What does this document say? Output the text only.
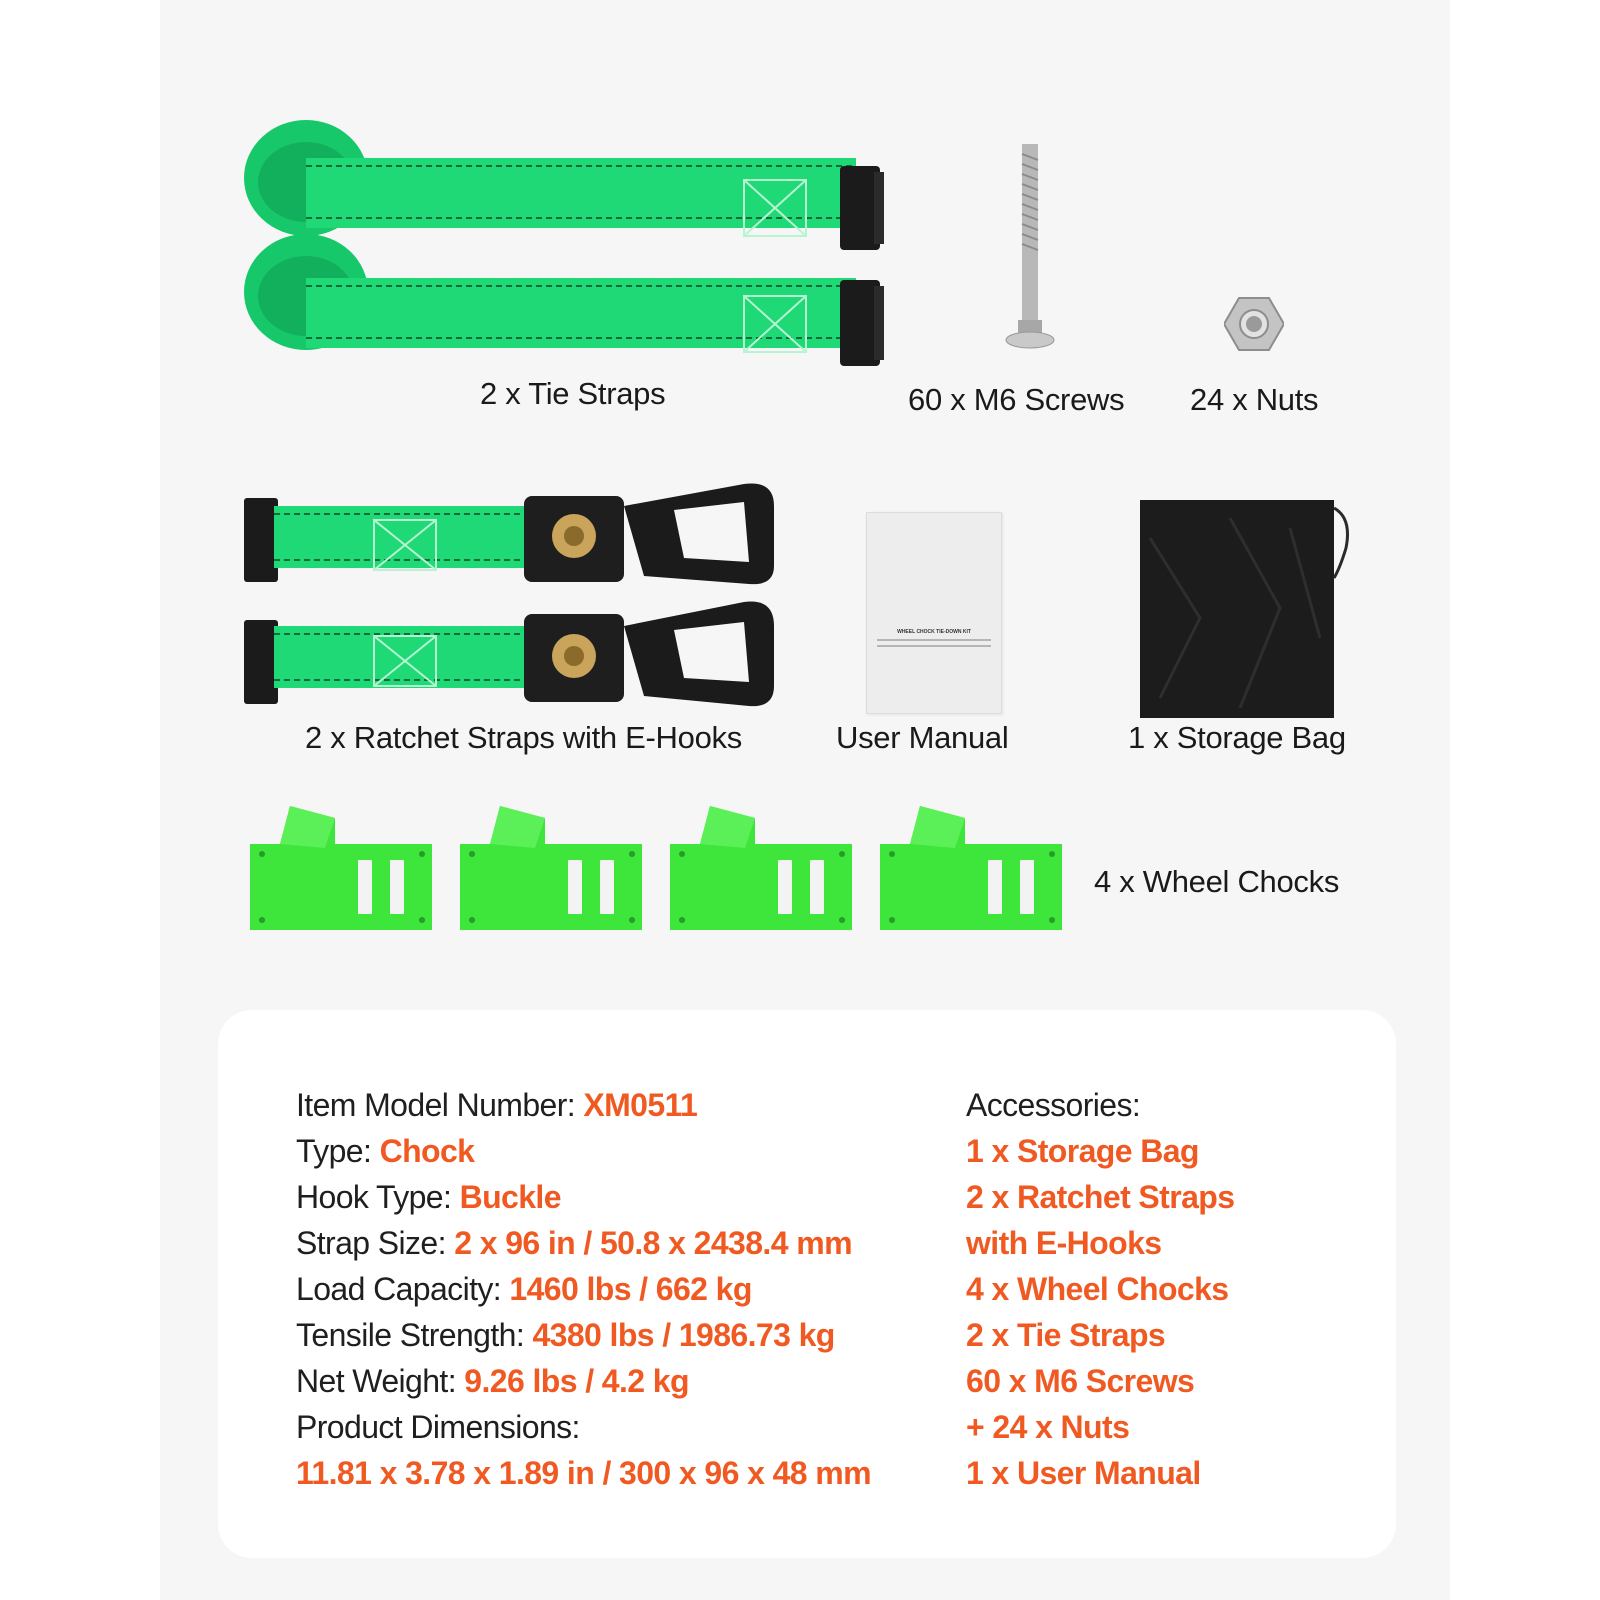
2 x Tie Straps	60 x M6 Screws 24 x Nuts
2 x Ratchet Straps with E-Hooks
WHEEL CHOCK TIE-DOWN KIT
User Manual	1 x Storage Bag
4 x Wheel Chocks
Item Model Number: XM0511
Type: Chock
Hook Type: Buckle
Strap Size: 2 x 96 in / 50.8 x 2438.4 mm
Load Capacity: 1460 lbs / 662 kg
Tensile Strength: 4380 lbs / 1986.73 kg
Net Weight: 9.26 lbs / 4.2 kg
Product Dimensions:
11.81 x 3.78 x 1.89 in / 300 x 96 x 48 mm
Accessories:
1 x Storage Bag
2 x Ratchet Straps
with E-Hooks
4 x Wheel Chocks
2 x Tie Straps
60 x M6 Screws
+ 24 x Nuts
1 x User Manual
